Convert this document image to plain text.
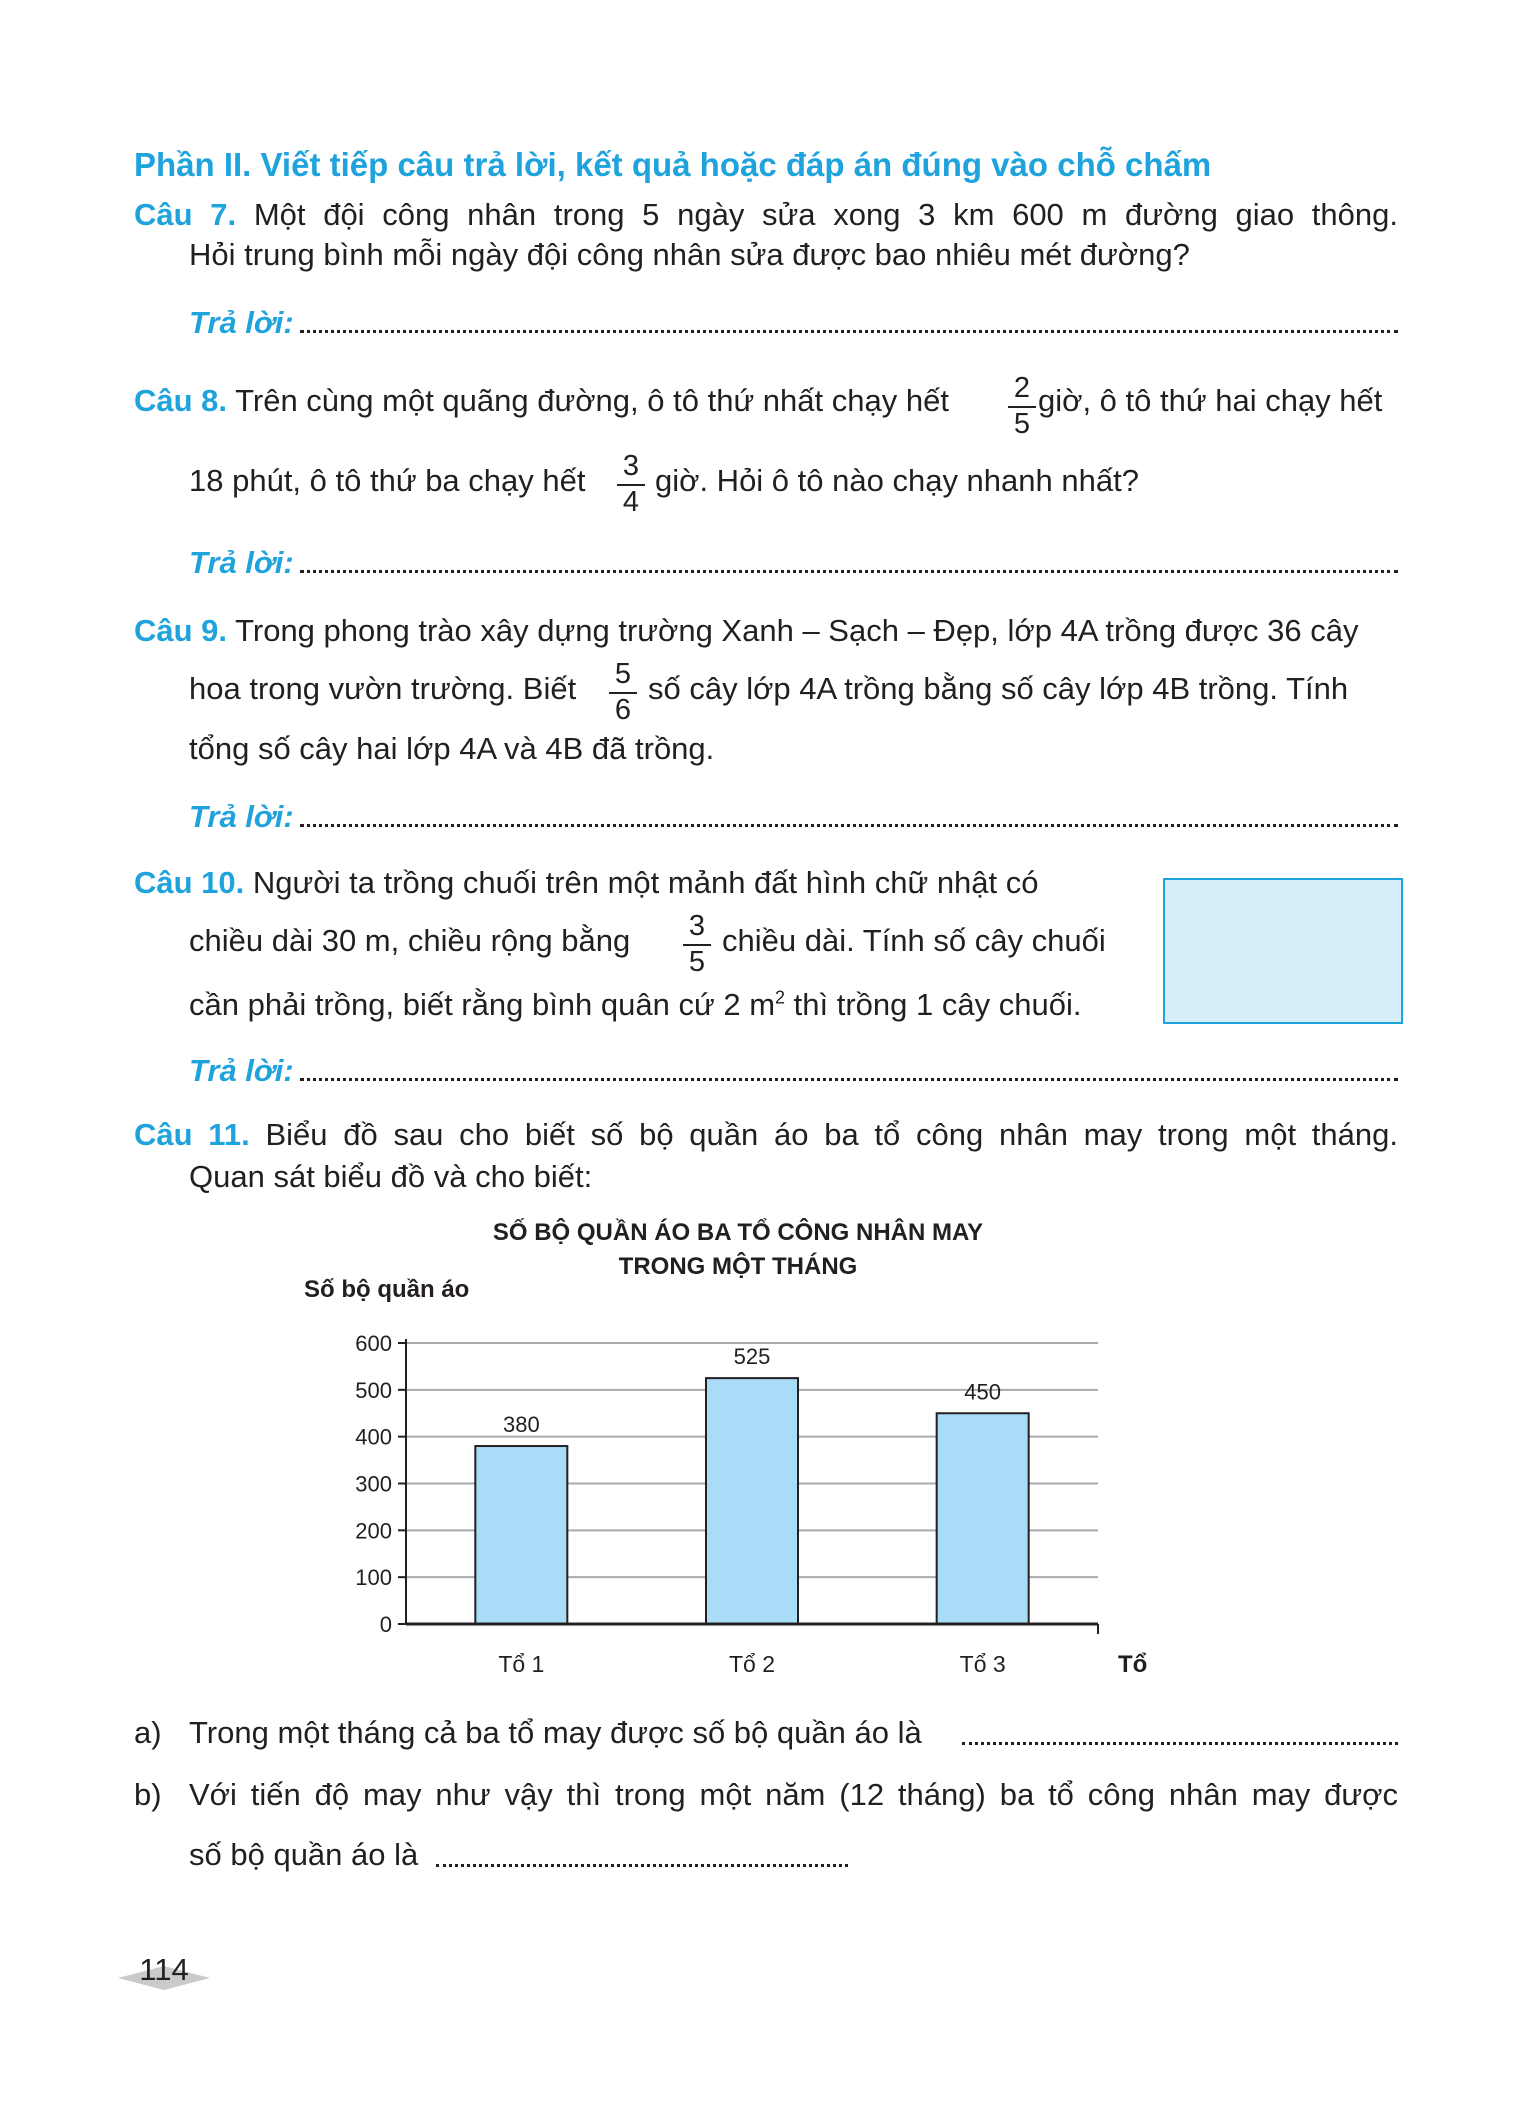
Phần II. Viết tiếp câu trả lời, kết quả hoặc đáp án đúng vào chỗ chấm
Câu 7. Một đội công nhân trong 5 ngày sửa xong 3 km 600 m đường giao thông.
Hỏi trung bình mỗi ngày đội công nhân sửa được bao nhiêu mét đường?
Trả lời:
Câu 8. Trên cùng một quãng đường, ô tô thứ nhất chạy hết 2
5
giờ, ô tô thứ hai chạy hết
18 phút, ô tô thứ ba chạy hết 3
4
giờ. Hỏi ô tô nào chạy nhanh nhất?
Trả lời:
Câu 9. Trong phong trào xây dựng trường Xanh – Sạch – Đẹp, lớp 4A trồng được 36 cây
hoa trong vườn trường. Biết 5
6
số cây lớp 4A trồng bằng số cây lớp 4B trồng. Tính
tổng số cây hai lớp 4A và 4B đã trồng.
Trả lời:
Câu 10. Người ta trồng chuối trên một mảnh đất hình chữ nhật có
chiều dài 30 m, chiều rộng bằng 3
5
chiều dài. Tính số cây chuối
cần phải trồng, biết rằng bình quân cứ 2 $m^2$ thì trồng 1 cây chuối.
Trả lời:
Câu 11. Biểu đồ sau cho biết số bộ quần áo ba tổ công nhân may trong một tháng.
Quan sát biểu đồ và cho biết:
SỐ BỘ QUẦN ÁO BA TỔ CÔNG NHÂN MAY
TRONG MỘT THÁNG
Số bộ quần áo
Tổ
380
525
450
0
100
200
300
400
500
600
Tổ 1	Tổ 2	Tổ 3
a) Trong một tháng cả ba tổ may được số bộ quần áo là
b) Với tiến độ may như vậy thì trong một năm (12 tháng) ba tổ công nhân may được
số bộ quần áo là
114
